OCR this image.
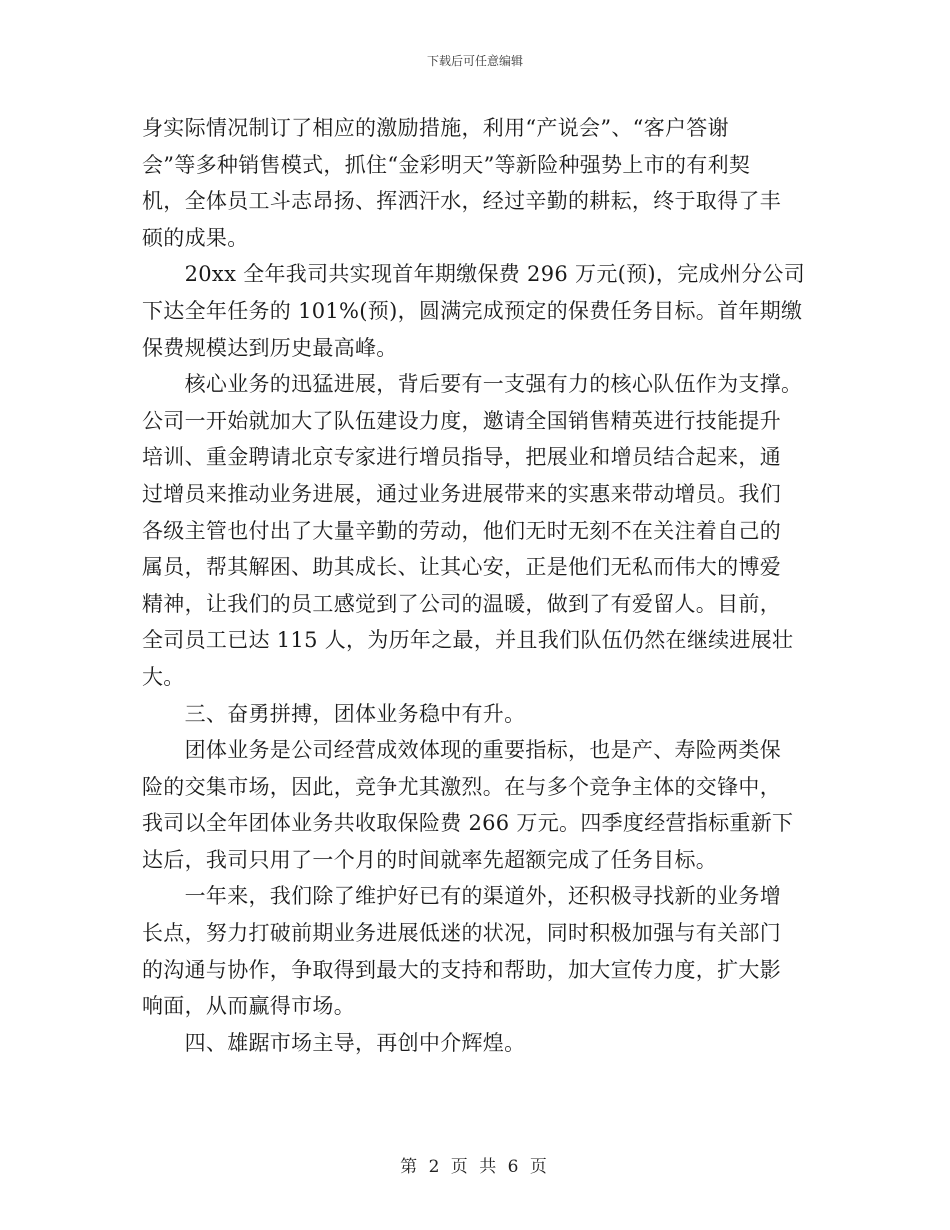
下载后可任意编辑
身实际情况制订了相应的激励措施，利用“产说会”、“客户答谢
会”等多种销售模式，抓住“金彩明天”等新险种强势上市的有利契
机，全体员工斗志昂扬、挥洒汗水，经过辛勤的耕耘，终于取得了丰
硕的成果。
　　20xx 全年我司共实现首年期缴保费 296 万元(预)，完成州分公司
下达全年任务的 101%(预)，圆满完成预定的保费任务目标。首年期缴
保费规模达到历史最高峰。
　　核心业务的迅猛进展，背后要有一支强有力的核心队伍作为支撑。
公司一开始就加大了队伍建设力度，邀请全国销售精英进行技能提升
培训、重金聘请北京专家进行增员指导，把展业和增员结合起来，通
过增员来推动业务进展，通过业务进展带来的实惠来带动增员。我们
各级主管也付出了大量辛勤的劳动，他们无时无刻不在关注着自己的
属员，帮其解困、助其成长、让其心安，正是他们无私而伟大的博爱
精神，让我们的员工感觉到了公司的温暖，做到了有爱留人。目前，
全司员工已达 115 人，为历年之最，并且我们队伍仍然在继续进展壮
大。
　　三、奋勇拼搏，团体业务稳中有升。
　　团体业务是公司经营成效体现的重要指标，也是产、寿险两类保
险的交集市场，因此，竞争尤其激烈。在与多个竞争主体的交锋中，
我司以全年团体业务共收取保险费 266 万元。四季度经营指标重新下
达后，我司只用了一个月的时间就率先超额完成了任务目标。
　　一年来，我们除了维护好已有的渠道外，还积极寻找新的业务增
长点，努力打破前期业务进展低迷的状况，同时积极加强与有关部门
的沟通与协作，争取得到最大的支持和帮助，加大宣传力度，扩大影
响面，从而赢得市场。
　　四、雄踞市场主导，再创中介辉煌。
第 2 页 共 6 页
